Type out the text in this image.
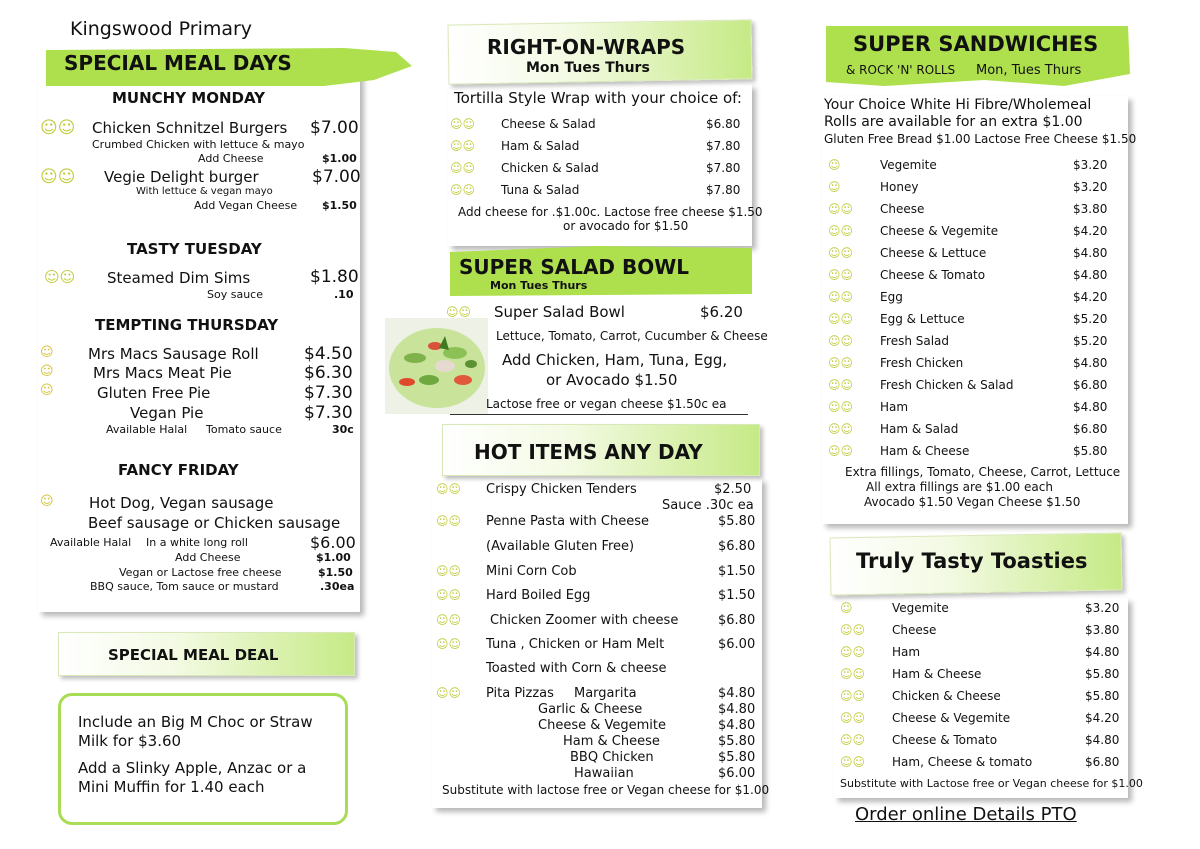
Kingswood Primary
SPECIAL MEAL DAYS
MUNCHY MONDAY
☺☺ Chicken Schnitzel Burgers $7.00
Crumbed Chicken with lettuce & mayo
Add Cheese	$1.00
☺☺ Vegie Delight burger	$7.00
With lettuce & vegan mayo
Add Vegan Cheese $1.50
TASTY TUESDAY
☺☺ Steamed Dim Sims	$1.80
Soy sauce	.10
TEMPTING THURSDAY
☺
☺
☺
Mrs Macs Sausage Roll	$4.50
Mrs Macs Meat Pie	$6.30
Gluten Free Pie	$7.30
Vegan Pie	$7.30
Available Halal Tomato sauce	30c
FANCY FRIDAY
☺ Hot Dog, Vegan sausage
Beef sausage or Chicken sausage
Available Halal In a white long roll	$6.00
Add Cheese	$1.00
Vegan or Lactose free cheese	$1.50
BBQ sauce, Tom sauce or mustard	.30ea
SPECIAL MEAL DEAL
Include an Big M Choc or Straw Milk for $3.60
Add a Slinky Apple, Anzac or a Mini Muffin for 1.40 each
RIGHT-ON-WRAPS
Mon Tues Thurs
Tortilla Style Wrap with your choice of:
☺☺
☺☺
☺☺
☺☺
Cheese & Salad	$6.80
Ham & Salad	$7.80
Chicken & Salad	$7.80
Tuna & Salad	$7.80
Add cheese for .$1.00c. Lactose free cheese $1.50
or avocado for $1.50
SUPER SALAD BOWL
Mon Tues Thurs
☺☺ Super Salad Bowl	$6.20
Lettuce, Tomato, Carrot, Cucumber & Cheese
Add Chicken, Ham, Tuna, Egg,
or Avocado $1.50
Lactose free or vegan cheese $1.50c ea
HOT ITEMS ANY DAY
☺☺ Crispy Chicken Tenders	$2.50
Sauce .30c ea
☺☺ Penne Pasta with Cheese	$5.80
(Available Gluten Free)	$6.80
☺☺ Mini Corn Cob	$1.50
☺☺ Hard Boiled Egg	$1.50
☺☺ Chicken Zoomer with cheese	$6.80
☺☺ Tuna , Chicken or Ham Melt	$6.00
Toasted with Corn & cheese
☺☺ Pita Pizzas Margarita	$4.80
Garlic & Cheese	$4.80
Cheese & Vegemite	$4.80
Ham & Cheese	$5.80
BBQ Chicken	$5.80
Hawaiian	$6.00
Substitute with lactose free or Vegan cheese for $1.00
SUPER SANDWICHES
& ROCK 'N' ROLLS Mon, Tues Thurs
Your Choice White Hi Fibre/Wholemeal
Rolls are available for an extra $1.00
Gluten Free Bread $1.00 Lactose Free Cheese $1.50
☺	Vegemite	$3.20
☺	Honey	$3.20
☺☺ Cheese	$3.80
☺☺ Cheese & Vegemite	$4.20
☺☺ Cheese & Lettuce	$4.80
☺☺ Cheese & Tomato	$4.80
☺☺ Egg	$4.20
☺☺ Egg & Lettuce	$5.20
☺☺ Fresh Salad	$5.20
☺☺ Fresh Chicken	$4.80
☺☺ Fresh Chicken & Salad	$6.80
☺☺ Ham	$4.80
☺☺ Ham & Salad	$6.80
☺☺ Ham & Cheese	$5.80
Extra fillings, Tomato, Cheese, Carrot, Lettuce
All extra fillings are $1.00 each
Avocado $1.50 Vegan Cheese $1.50
Truly Tasty Toasties
☺	Vegemite	$3.20
☺☺ Cheese	$3.80
☺☺ Ham	$4.80
☺☺ Ham & Cheese	$5.80
☺☺ Chicken & Cheese	$5.80
☺☺ Cheese & Vegemite	$4.20
☺☺ Cheese & Tomato	$4.80
☺☺ Ham, Cheese & tomato	$6.80
Substitute with Lactose free or Vegan cheese for $1.00
Order online Details PTO
